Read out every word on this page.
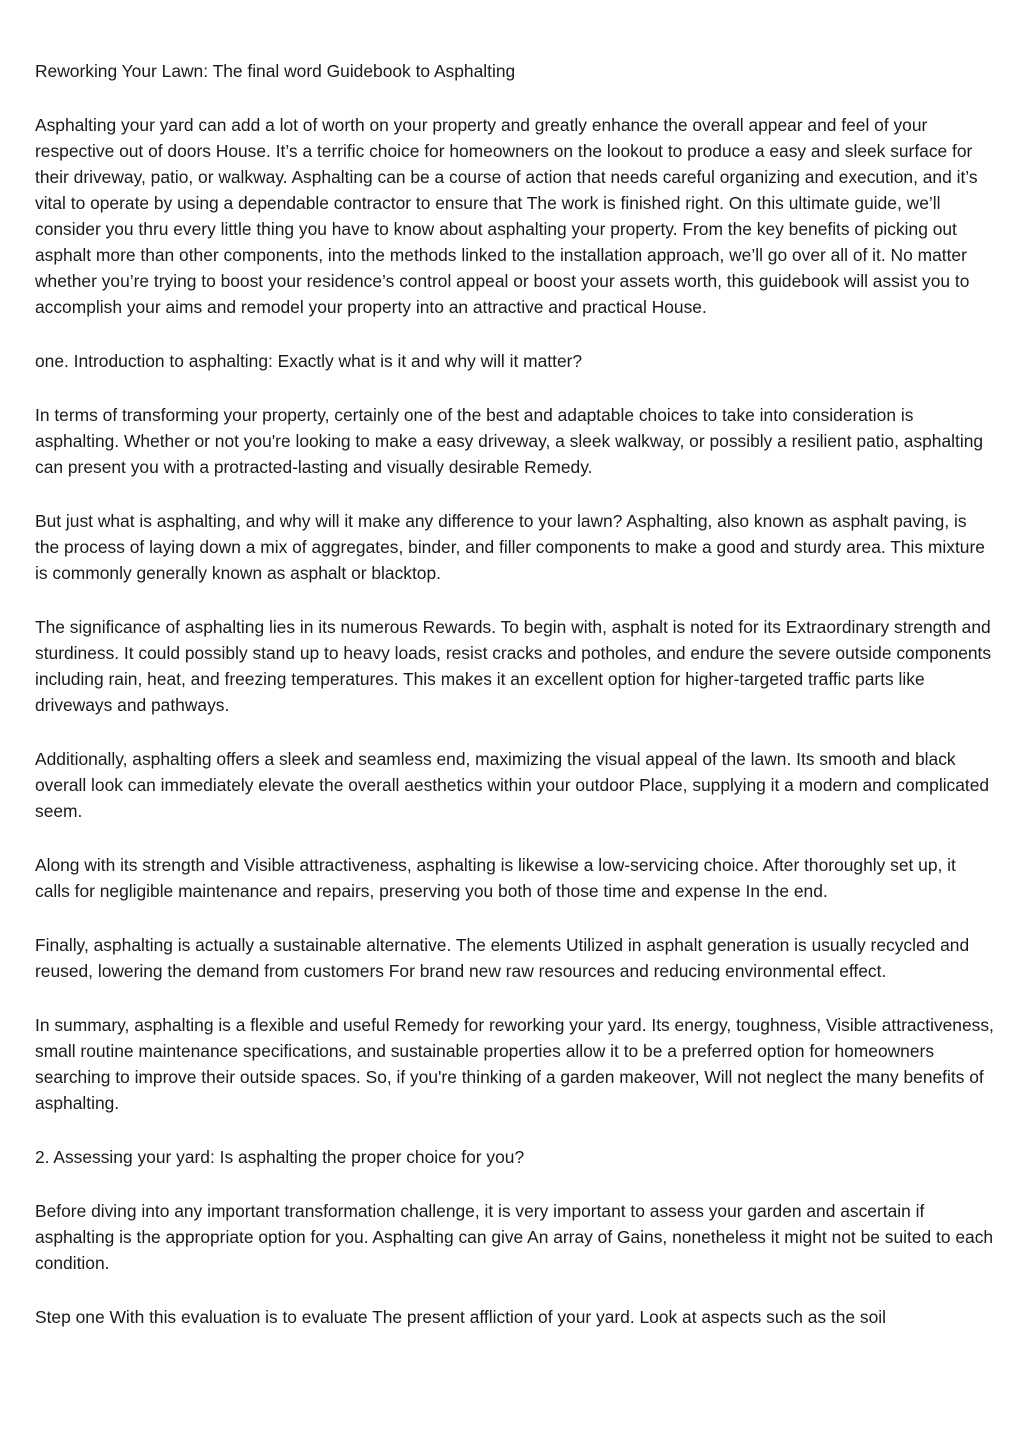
Reworking Your Lawn: The final word Guidebook to Asphalting

Asphalting your yard can add a lot of worth on your property and greatly enhance the overall appear and feel of your respective out of doors House. It’s a terrific choice for homeowners on the lookout to produce a easy and sleek surface for their driveway, patio, or walkway. Asphalting can be a course of action that needs careful organizing and execution, and it’s vital to operate by using a dependable contractor to ensure that The work is finished right. On this ultimate guide, we’ll consider you thru every little thing you have to know about asphalting your property. From the key benefits of picking out asphalt more than other components, into the methods linked to the installation approach, we’ll go over all of it. No matter whether you’re trying to boost your residence’s control appeal or boost your assets worth, this guidebook will assist you to accomplish your aims and remodel your property into an attractive and practical House.

one. Introduction to asphalting: Exactly what is it and why will it matter?

In terms of transforming your property, certainly one of the best and adaptable choices to take into consideration is asphalting. Whether or not you're looking to make a easy driveway, a sleek walkway, or possibly a resilient patio, asphalting can present you with a protracted-lasting and visually desirable Remedy.

But just what is asphalting, and why will it make any difference to your lawn? Asphalting, also known as asphalt paving, is the process of laying down a mix of aggregates, binder, and filler components to make a good and sturdy area. This mixture is commonly generally known as asphalt or blacktop.

The significance of asphalting lies in its numerous Rewards. To begin with, asphalt is noted for its Extraordinary strength and sturdiness. It could possibly stand up to heavy loads, resist cracks and potholes, and endure the severe outside components including rain, heat, and freezing temperatures. This makes it an excellent option for higher-targeted traffic parts like driveways and pathways.

Additionally, asphalting offers a sleek and seamless end, maximizing the visual appeal of the lawn. Its smooth and black overall look can immediately elevate the overall aesthetics within your outdoor Place, supplying it a modern and complicated seem.

Along with its strength and Visible attractiveness, asphalting is likewise a low-servicing choice. After thoroughly set up, it calls for negligible maintenance and repairs, preserving you both of those time and expense In the end.

Finally, asphalting is actually a sustainable alternative. The elements Utilized in asphalt generation is usually recycled and reused, lowering the demand from customers For brand new raw resources and reducing environmental effect.

In summary, asphalting is a flexible and useful Remedy for reworking your yard. Its energy, toughness, Visible attractiveness, small routine maintenance specifications, and sustainable properties allow it to be a preferred option for homeowners searching to improve their outside spaces. So, if you're thinking of a garden makeover, Will not neglect the many benefits of asphalting.

2. Assessing your yard: Is asphalting the proper choice for you?

Before diving into any important transformation challenge, it is very important to assess your garden and ascertain if asphalting is the appropriate option for you. Asphalting can give An array of Gains, nonetheless it might not be suited to each condition.

Step one With this evaluation is to evaluate The present affliction of your yard. Look at aspects such as the soil
